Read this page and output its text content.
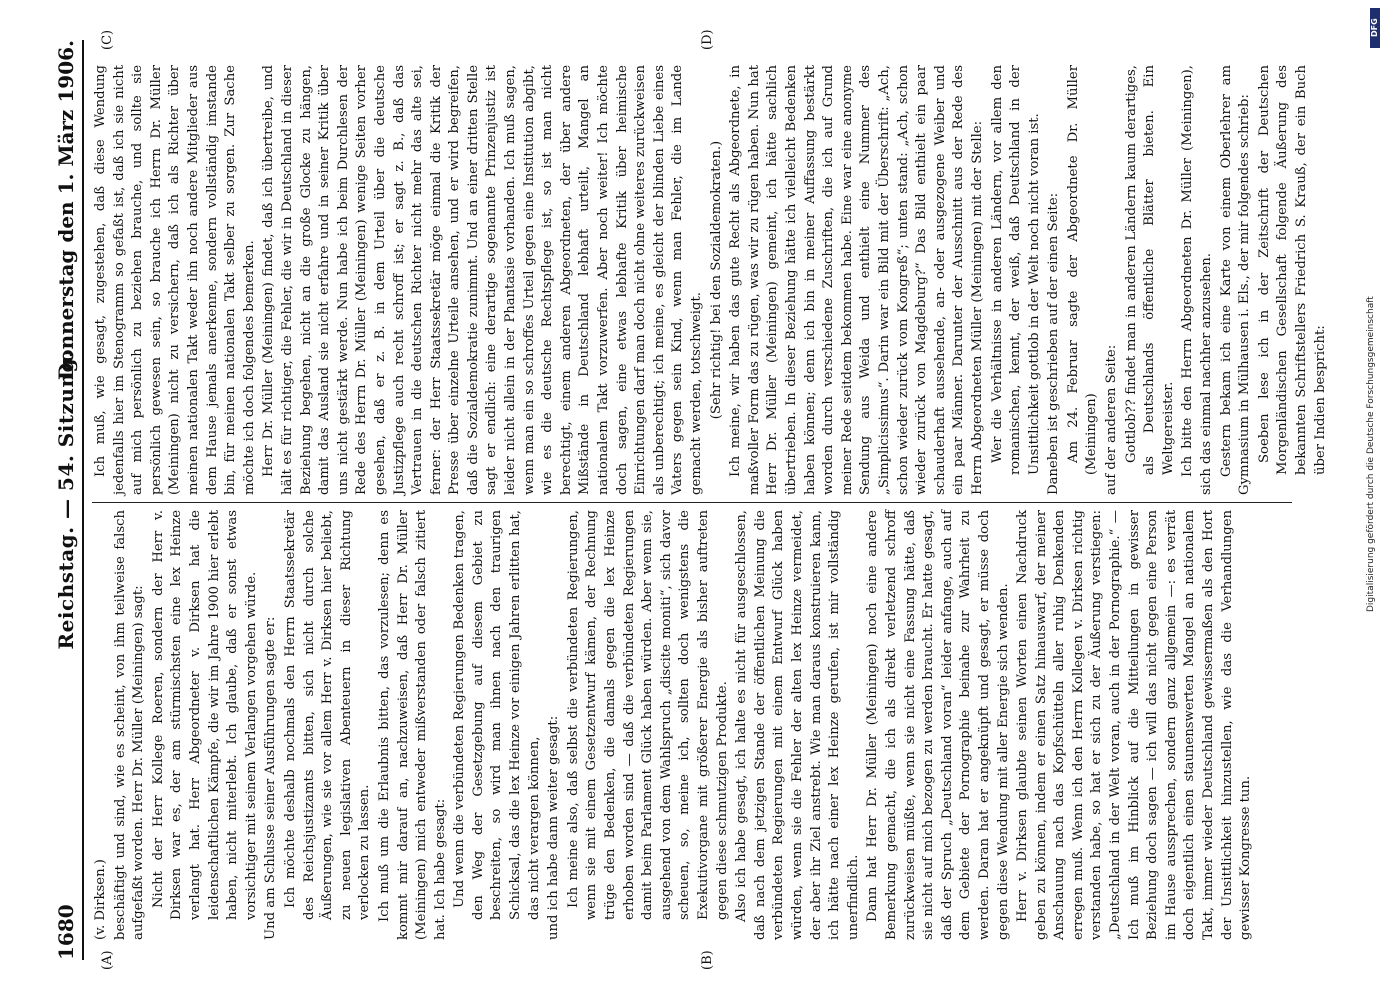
1680
Reichstag. — 54. Sitzung.
Donnerstag den 1. März 1906.
(A)	(B)
(C)	(D)

(v. Dirksen.) beschäftigt und sind, wie es scheint, von ihm teilweise falsch aufgefaßt worden. Herr Dr. Müller (Meiningen) sagt: Nicht der Herr Kollege Roeren, sondern der Herr v. Dirksen war es, der am stürmischsten eine lex Heinze verlangt hat. Herr Abgeordneter v. Dirksen hat die leidenschaftlichen Kämpfe, die wir im Jahre 1900 hier erlebt haben, nicht miterlebt. Ich glaube, daß er sonst etwas vorsichtiger mit seinem Verlangen vorgehen würde. Und am Schlusse seiner Ausführungen sagte er: Ich möchte deshalb nochmals den Herrn Staatssekretär des Reichsjustizamts bitten, sich nicht durch solche Äußerungen, wie sie vor allem Herr v. Dirksen hier beliebt, zu neuen legislativen Abenteuern in dieser Richtung verlocken zu lassen. Ich muß um die Erlaubnis bitten, das vorzulesen; denn es kommt mir darauf an, nachzuweisen, daß Herr Dr. Müller (Meiningen) mich entweder mißverstanden oder falsch zitiert hat. Ich habe gesagt: Und wenn die verbündeten Regierungen Bedenken tragen, den Weg der Gesetzgebung auf diesem Gebiet zu beschreiten, so wird man ihnen nach den traurigen Schicksal, das die lex Heinze vor einigen Jahren erlitten hat, das nicht verargen können, und ich habe dann weiter gesagt: Ich meine also, daß selbst die verbündeten Regierungen, wenn sie mit einem Gesetzentwurf kämen, der Rechnung trüge den Bedenken, die damals gegen die lex Heinze erhoben worden sind — daß die verbündeten Regierungen damit beim Parlament Glück haben würden. Aber wenn sie, ausgehend von dem Wahlspruch „discite moniti“, sich davor scheuen, so, meine ich, sollten doch wenigstens die Exekutivorgane mit größerer Energie als bisher auftreten gegen diese schmutzigen Produkte. Also ich habe gesagt, ich halte es nicht für ausgeschlossen, daß nach dem jetzigen Stande der öffentlichen Meinung die verbündeten Regierungen mit einem Entwurf Glück haben würden, wenn sie die Fehler der alten lex Heinze vermeidet, der aber ihr Ziel anstrebt. Wie man daraus konstruieren kann, ich hätte nach einer lex Heinze gerufen, ist mir vollständig unerfindlich. Dann hat Herr Dr. Müller (Meiningen) noch eine andere Bemerkung gemacht, die ich als direkt verletzend schroff zurückweisen müßte, wenn sie nicht eine Fassung hätte, daß sie nicht auf mich bezogen zu werden braucht. Er hatte gesagt, daß der Spruch „Deutschland voran“ leider anfange, auch auf dem Gebiete der Pornographie beinahe zur Wahrheit zu werden. Daran hat er angeknüpft und gesagt, er müsse doch gegen diese Wendung mit aller Energie sich wenden. Herr v. Dirksen glaubte seinen Worten einen Nachdruck geben zu können, indem er einen Satz hinauswarf, der meiner Anschauung nach das Kopfschütteln aller ruhig Denkenden erregen muß. Wenn ich den Herrn Kollegen v. Dirksen richtig verstanden habe, so hat er sich zu der Äußerung verstiegen: „Deutschland in der Welt voran, auch in der Pornographie.“ — Ich muß im Hinblick auf die Mitteilungen in gewisser Beziehung doch sagen — ich will das nicht gegen eine Person im Hause aussprechen, sondern ganz allgemein —: es verrät doch eigentlich einen staunenswerten Mangel an nationalem Takt, immer wieder Deutschland gewissermaßen als den Hort der Unsittlichkeit hinzustellen, wie das die Verhandlungen gewisser Kongresse tun.

Ich muß, wie gesagt, zugestehen, daß diese Wendung jedenfalls hier im Stenogramm so gefaßt ist, daß ich sie nicht auf mich persönlich zu beziehen brauche, und sollte sie persönlich gewesen sein, so brauche ich Herrn Dr. Müller (Meiningen) nicht zu versichern, daß ich als Richter über meinen nationalen Takt weder ihn noch andere Mitglieder aus dem Hause jemals anerkenne, sondern vollständig imstande bin, für meinen nationalen Takt selber zu sorgen. Zur Sache möchte ich doch folgendes bemerken. Herr Dr. Müller (Meiningen) findet, daß ich übertreibe, und hält es für richtiger, die Fehler, die wir in Deutschland in dieser Beziehung begehen, nicht an die große Glocke zu hängen, damit das Ausland sie nicht erfahre und in seiner Kritik über uns nicht gestärkt werde. Nun habe ich beim Durchlesen der Rede des Herrn Dr. Müller (Meiningen) wenige Seiten vorher gesehen, daß er z. B. in dem Urteil über die deutsche Justizpflege auch recht schroff ist; er sagt z. B., daß das Vertrauen in die deutschen Richter nicht mehr das alte sei, ferner: der Herr Staatssekretär möge einmal die Kritik der Presse über einzelne Urteile ansehen, und er wird begreifen, daß die Sozialdemokratie zunimmt. Und an einer dritten Stelle sagt er endlich: eine derartige sogenannte Prinzenjustiz ist leider nicht allein in der Phantasie vorhanden. Ich muß sagen, wenn man ein so schroffes Urteil gegen eine Institution abgibt, wie es die deutsche Rechtspflege ist, so ist man nicht berechtigt, einem anderen Abgeordneten, der über andere Mißstände in Deutschland lebhaft urteilt, Mangel an nationalem Takt vorzuwerfen. Aber noch weiter! Ich möchte doch sagen, eine etwas lebhafte Kritik über heimische Einrichtungen darf man doch nicht ohne weiteres zurückweisen als unberechtigt; ich meine, es gleicht der blinden Liebe eines Vaters gegen sein Kind, wenn man Fehler, die im Lande gemacht werden, totschweigt. (Sehr richtig! bei den Sozialdemokraten.) Ich meine, wir haben das gute Recht als Abgeordnete, in maßvoller Form das zu rügen, was wir zu rügen haben. Nun hat Herr Dr. Müller (Meiningen) gemeint, ich hätte sachlich übertrieben. In dieser Beziehung hätte ich vielleicht Bedenken haben können; denn ich bin in meiner Auffassung bestärkt worden durch verschiedene Zuschriften, die ich auf Grund meiner Rede seitdem bekommen habe. Eine war eine anonyme Sendung aus Weida und enthielt eine Nummer des „Simplicissimus“. Darin war ein Bild mit der Überschrift: „Ach, schon wieder zurück vom Kongreß“; unten stand: „Ach, schon wieder zurück von Magdeburg?“ Das Bild enthielt ein paar schauderhaft aussehende, an- oder ausgezogene Weiber und ein paar Männer. Darunter der Ausschnitt aus der Rede des Herrn Abgeordneten Müller (Meiningen) mit der Stelle: Wer die Verhältnisse in anderen Ländern, vor allem den romanischen, kennt, der weiß, daß Deutschland in der Unsittlichkeit gottlob in der Welt noch nicht voran ist. Daneben ist geschrieben auf der einen Seite: Am 24. Februar sagte der Abgeordnete Dr. Müller (Meiningen) auf der anderen Seite: Gottlob?? findet man in anderen Ländern kaum derartiges, als Deutschlands öffentliche Blätter bieten. Ein Weltgereister. Ich bitte den Herrn Abgeordneten Dr. Müller (Meiningen), sich das einmal nachher anzusehen. Gestern bekam ich eine Karte von einem Oberlehrer am Gymnasium in Mülhausen i. Els., der mir folgendes schrieb: Soeben lese ich in der Zeitschrift der Deutschen Morgenländischen Gesellschaft folgende Äußerung des bekannten Schriftstellers Friedrich S. Krauß, der ein Buch über Indien bespricht:

DFG
Digitalisierung gefördert durch die Deutsche Forschungsgemeinschaft
